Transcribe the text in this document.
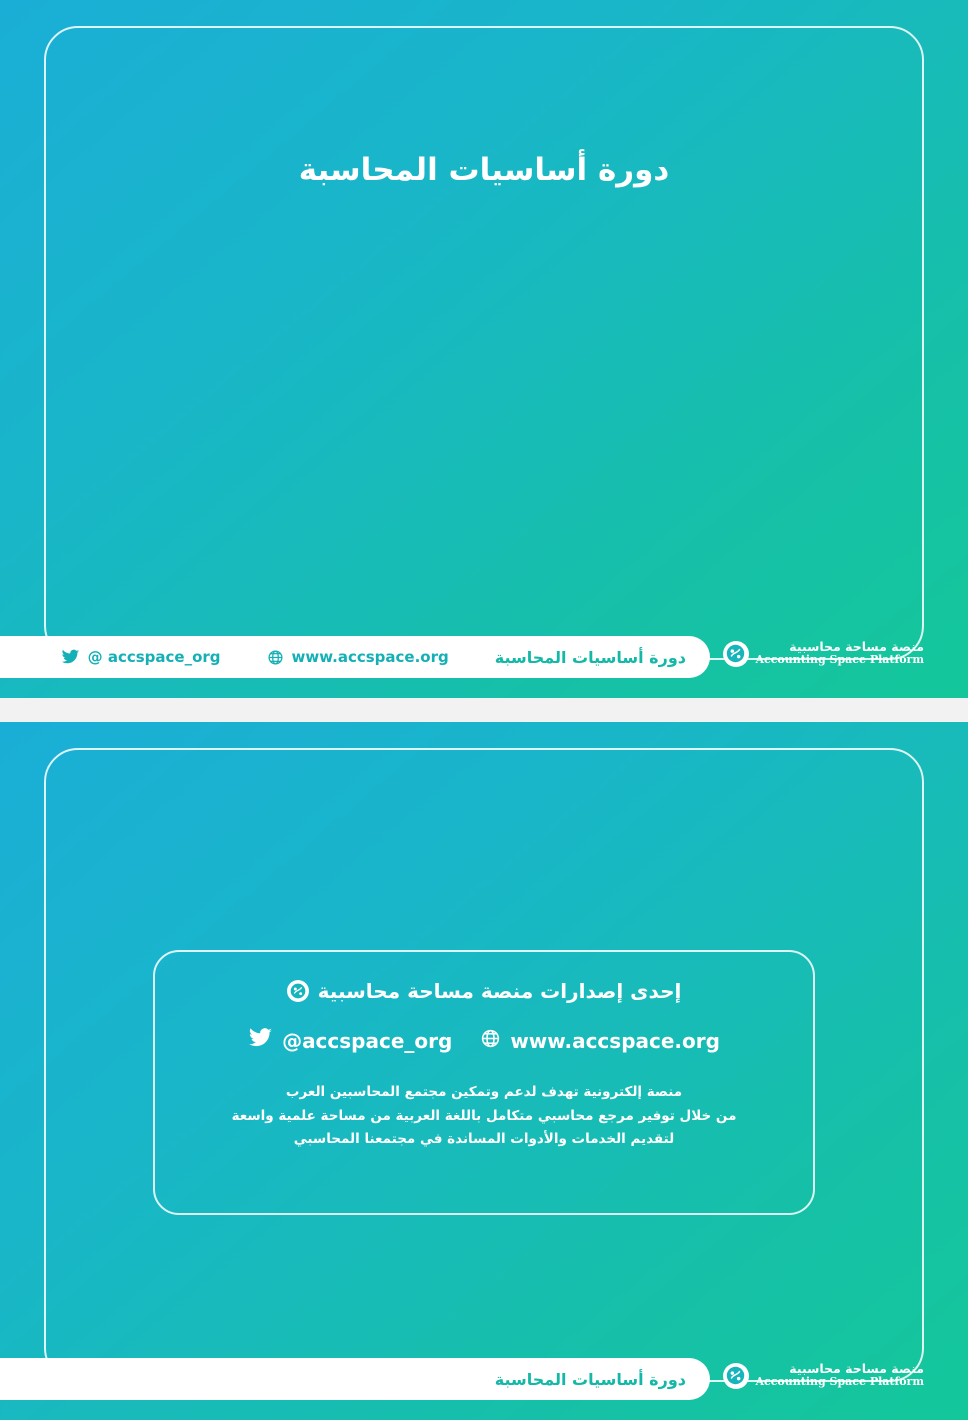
دورة أساسيات المحاسبة
دورة أساسيات المحاسبة
www.accspace.org
@ accspace_org
منصة مساحة محاسبية
Accounting Space Platform
إحدى إصدارات منصة مساحة محاسبية
@accspace_org	www.accspace.org
منصة إلكترونية تهدف لدعم وتمكين مجتمع المحاسبين العرب
من خلال توفير مرجع محاسبي متكامل باللغة العربية من مساحة علمية واسعة
لتقديم الخدمات والأدوات المساندة في مجتمعنا المحاسبي
دورة أساسيات المحاسبة
منصة مساحة محاسبية
Accounting Space Platform
